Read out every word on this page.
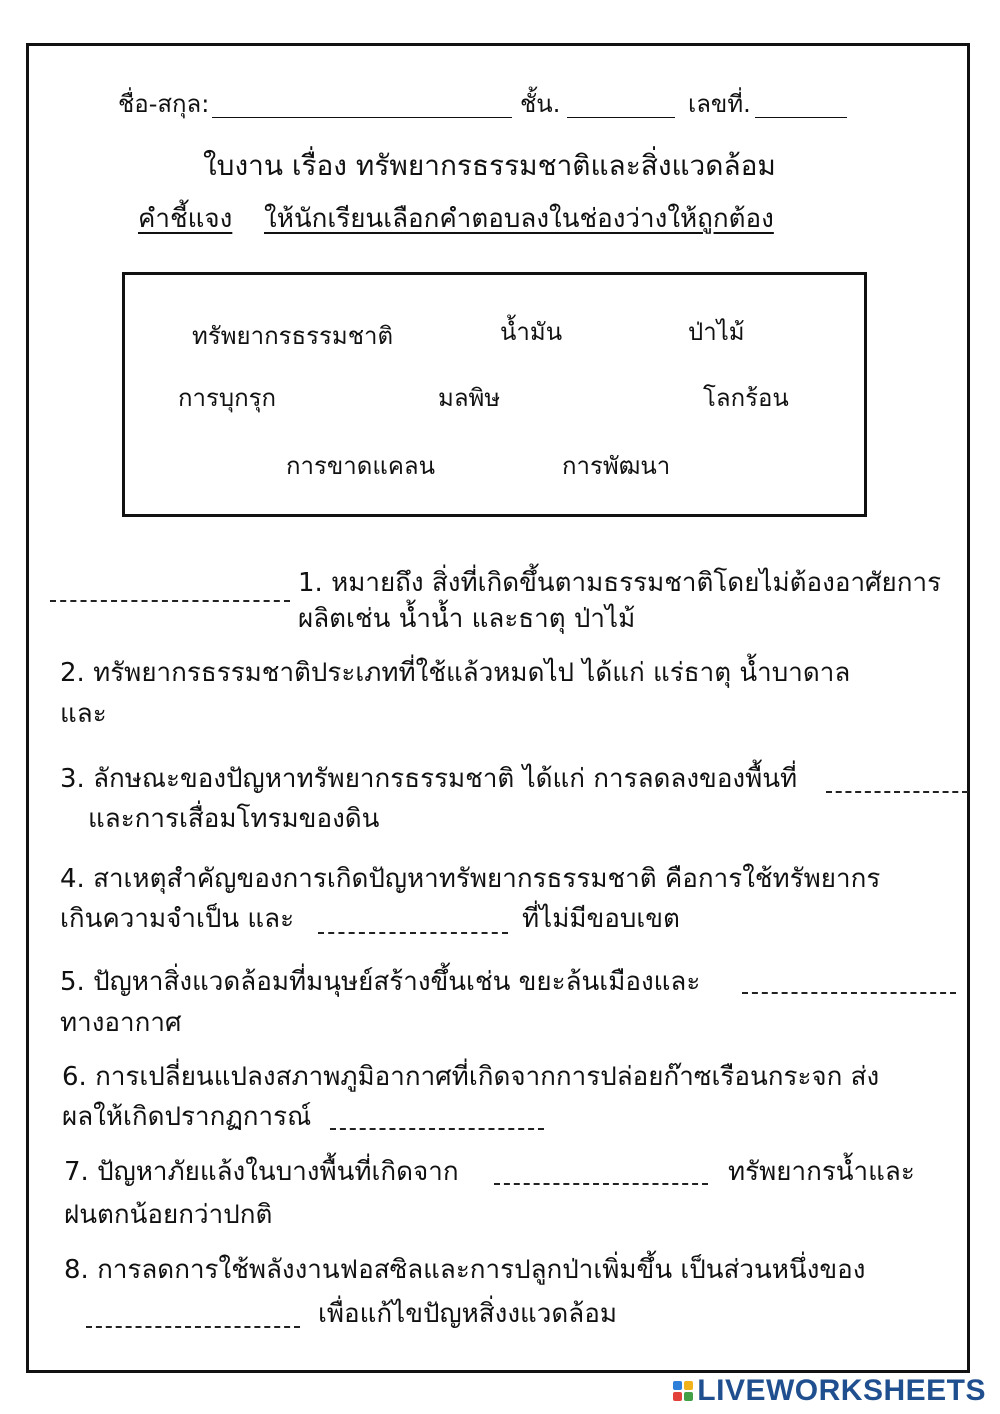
ชื่อ-สกุล:	ชั้น.	เลขที่.
ใบงาน เรื่อง ทรัพยากรธรรมชาติและสิ่งแวดล้อม
คำชี้แจง ให้นักเรียนเลือกคำตอบลงในช่องว่างให้ถูกต้อง
ทรัพยากรธรรมชาติ	น้ำมัน	ป่าไม้
การบุกรุก	มลพิษ	โลกร้อน
การขาดแคลน	การพัฒนา
1. หมายถึง สิ่งที่เกิดขึ้นตามธรรมชาติโดยไม่ต้องอาศัยการ
ผลิตเช่น น้ำน้ำ และธาตุ ป่าไม้
2. ทรัพยากรธรรมชาติประเภทที่ใช้แล้วหมดไป ได้แก่ แร่ธาตุ น้ำบาดาล
และ
3. ลักษณะของปัญหาทรัพยากรธรรมชาติ ได้แก่ การลดลงของพื้นที่
และการเสื่อมโทรมของดิน
4. สาเหตุสำคัญของการเกิดปัญหาทรัพยากรธรรมชาติ คือการใช้ทรัพยากร
เกินความจำเป็น และ	ที่ไม่มีขอบเขต
5. ปัญหาสิ่งแวดล้อมที่มนุษย์สร้างขึ้นเช่น ขยะล้นเมืองและ
ทางอากาศ
6. การเปลี่ยนแปลงสภาพภูมิอากาศที่เกิดจากการปล่อยก๊าซเรือนกระจก ส่ง
ผลให้เกิดปรากฏการณ์
7. ปัญหาภัยแล้งในบางพื้นที่เกิดจาก	ทรัพยากรน้ำและ
ฝนตกน้อยกว่าปกติ
8. การลดการใช้พลังงานฟอสซิลและการปลูกป่าเพิ่มขึ้น เป็นส่วนหนึ่งของ
เพื่อแก้ไขปัญหสิ่งงแวดล้อม
LIVEWORKSHEETS
